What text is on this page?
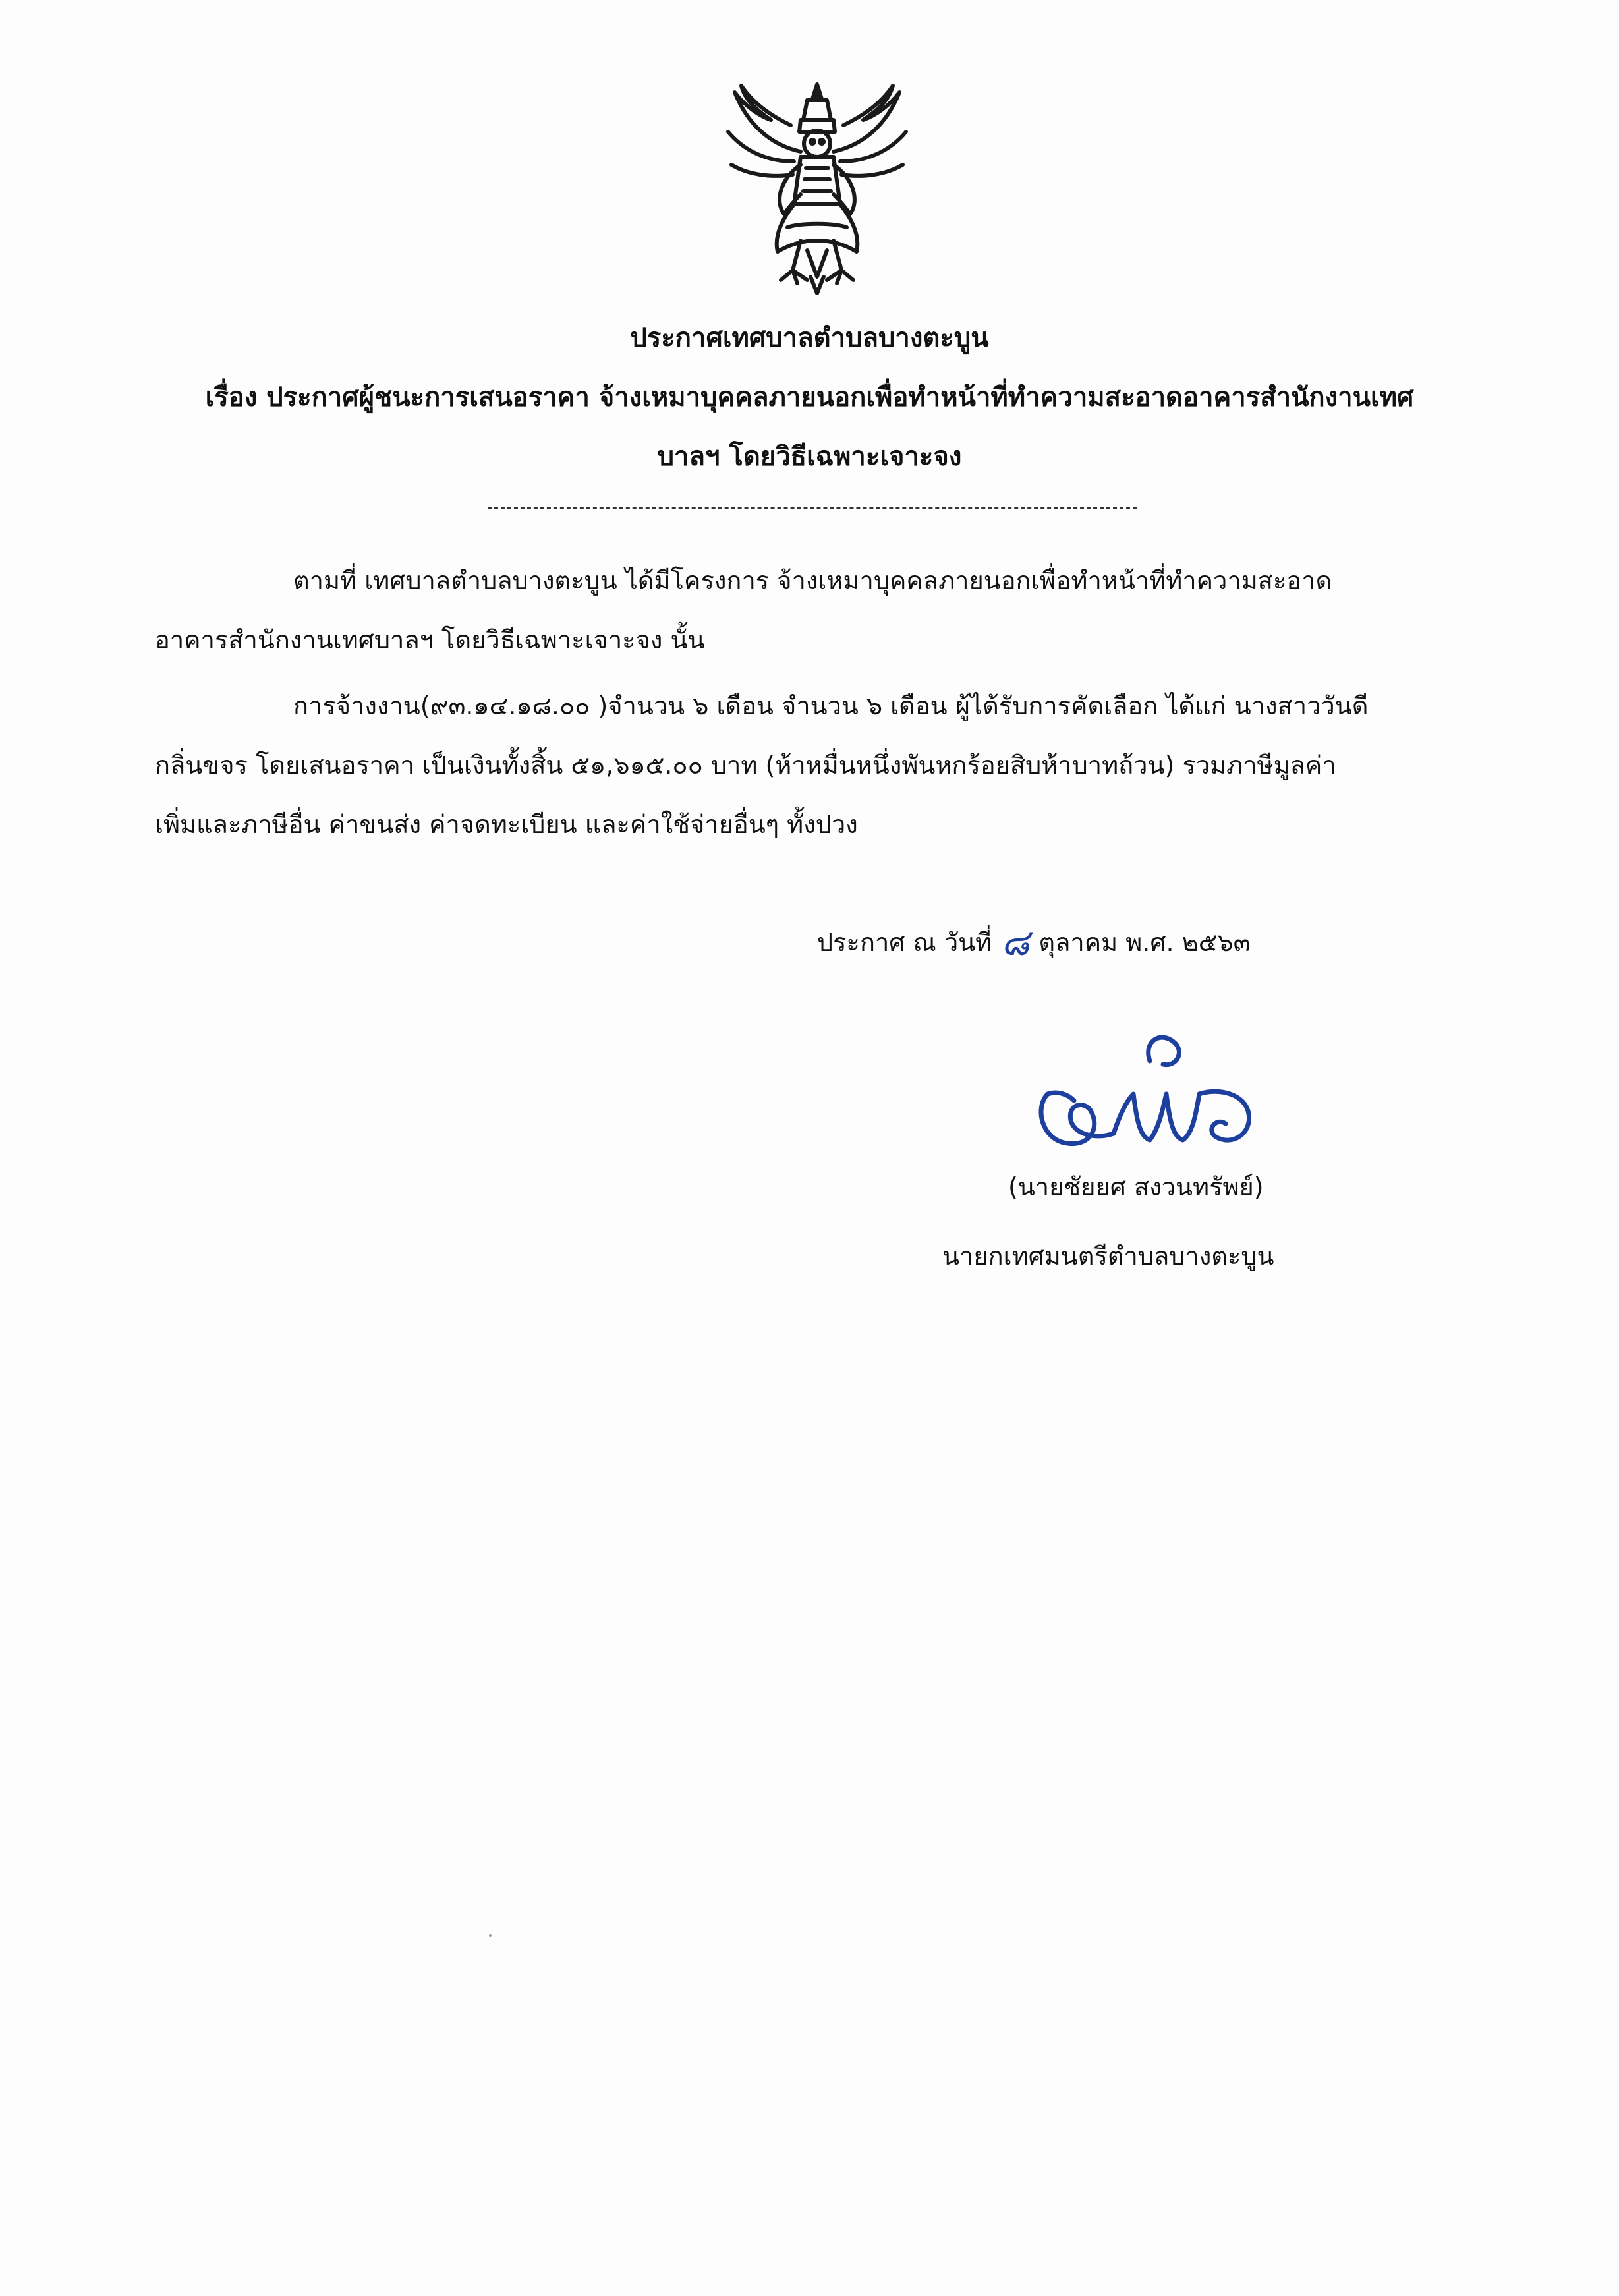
ประกาศเทศบาลตำบลบางตะบูน
เรื่อง ประกาศผู้ชนะการเสนอราคา จ้างเหมาบุคคลภายนอกเพื่อทำหน้าที่ทำความสะอาดอาคารสำนักงานเทศ
บาลฯ โดยวิธีเฉพาะเจาะจง
ตามที่ เทศบาลตำบลบางตะบูน ได้มีโครงการ จ้างเหมาบุคคลภายนอกเพื่อทำหน้าที่ทำความสะอาด
อาคารสำนักงานเทศบาลฯ โดยวิธีเฉพาะเจาะจง นั้น
การจ้างงาน(๙๓.๑๔.๑๘.๐๐ )จำนวน ๖ เดือน จำนวน ๖ เดือน ผู้ได้รับการคัดเลือก ได้แก่ นางสาววันดี
กลิ่นขจร โดยเสนอราคา เป็นเงินทั้งสิ้น ๕๑,๖๑๕.๐๐ บาท (ห้าหมื่นหนึ่งพันหกร้อยสิบห้าบาทถ้วน) รวมภาษีมูลค่า
เพิ่มและภาษีอื่น ค่าขนส่ง ค่าจดทะเบียน และค่าใช้จ่ายอื่นๆ ทั้งปวง
ประกาศ ณ วันที่ ๘ ตุลาคม พ.ศ. ๒๕๖๓
(นายชัยยศ สงวนทรัพย์)
นายกเทศมนตรีตำบลบางตะบูน
